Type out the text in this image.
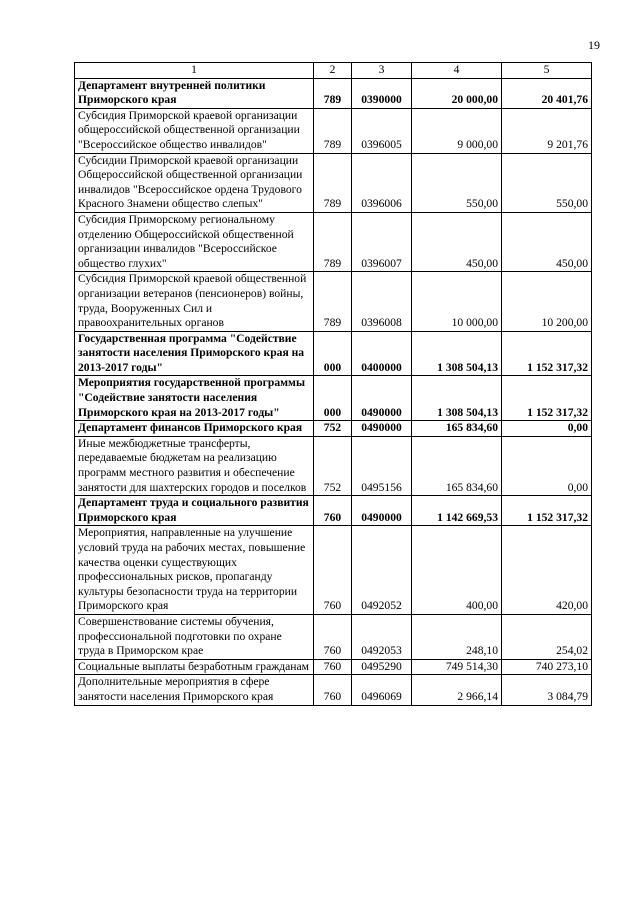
19
1	2	3	4	5
Департамент внутренней политики Приморского края	789	0390000	20 000,00	20 401,76
Субсидия Приморской краевой организации общероссийской общественной организации "Всероссийское общество инвалидов"	789	0396005	9 000,00	9 201,76
Субсидии Приморской краевой организации Общероссийской общественной организации инвалидов "Всероссийское ордена Трудового Красного Знамени общество слепых"	789	0396006	550,00	550,00
Субсидия Приморскому региональному отделению Общероссийской общественной организации инвалидов "Всероссийское общество глухих"	789	0396007	450,00	450,00
Субсидия Приморской краевой общественной организации ветеранов (пенсионеров) войны, труда, Вооруженных Сил и правоохранительных органов	789	0396008	10 000,00	10 200,00
Государственная программа "Содействие занятости населения Приморского края на 2013-2017 годы"	000	0400000	1 308 504,13	1 152 317,32
Мероприятия государственной программы "Содействие занятости населения Приморского края на 2013-2017 годы"	000	0490000	1 308 504,13	1 152 317,32
Департамент финансов Приморского края	752	0490000	165 834,60	0,00
Иные межбюджетные трансферты, передаваемые бюджетам на реализацию программ местного развития и обеспечение занятости для шахтерских городов и поселков	752	0495156	165 834,60	0,00
Департамент труда и социального развития Приморского края	760	0490000	1 142 669,53	1 152 317,32
Мероприятия, направленные на улучшение условий труда на рабочих местах, повышение качества оценки существующих профессиональных рисков, пропаганду культуры безопасности труда на территории Приморского края	760	0492052	400,00	420,00
Совершенствование системы обучения, профессиональной подготовки по охране труда в Приморском крае	760	0492053	248,10	254,02
Социальные выплаты безработным гражданам	760	0495290	749 514,30	740 273,10
Дополнительные мероприятия в сфере занятости населения Приморского края	760	0496069	2 966,14	3 084,79
